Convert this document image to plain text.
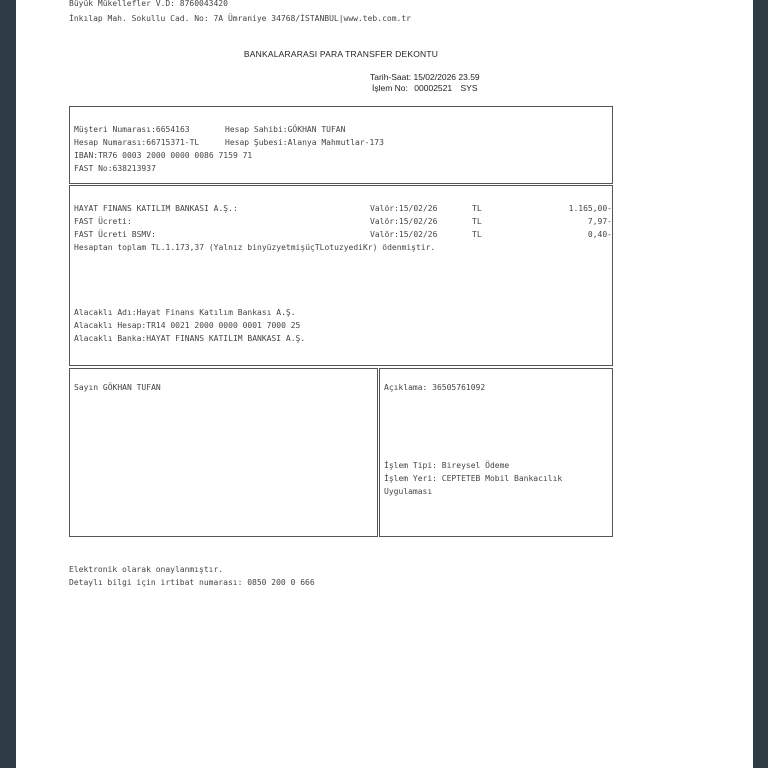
Büyük Mükellefler V.D: 8760043420
İnkılap Mah. Sokullu Cad. No: 7A Ümraniye 34768/İSTANBUL|www.teb.com.tr
BANKALARARASI PARA TRANSFER DEKONTU
Tarih-Saat: 15/02/2026 23.59
İşlem No: 00002521 SYS
Müşteri Numarası:6654163	Hesap Sahibi:GÖKHAN TUFAN
Hesap Numarası:66715371-TL	Hesap Şubesi:Alanya Mahmutlar-173
IBAN:TR76 0003 2000 0000 0086 7159 71
FAST No:638213937
HAYAT FINANS KATILIM BANKASI A.Ş.:	Valör:15/02/26	TL	1.165,00-
FAST Ücreti:	Valör:15/02/26	TL	7,97-
FAST Ücreti BSMV:	Valör:15/02/26	TL	0,40-
Hesaptan toplam TL.1.173,37 (Yalnız binyüzyetmişüçTLotuzyediKr) ödenmiştir.
Alacaklı Adı:Hayat Finans Katılım Bankası A.Ş.
Alacaklı Hesap:TR14 0021 2000 0000 0001 7000 25
Alacaklı Banka:HAYAT FINANS KATILIM BANKASI A.Ş.
Sayın GÖKHAN TUFAN	Açıklama: 36505761092
İşlem Tipi: Bireysel Ödeme
İşlem Yeri: CEPTETEB Mobil Bankacılık
Uygulaması
Elektronik olarak onaylanmıştır.
Detaylı bilgi için irtibat numarası: 0850 200 0 666
